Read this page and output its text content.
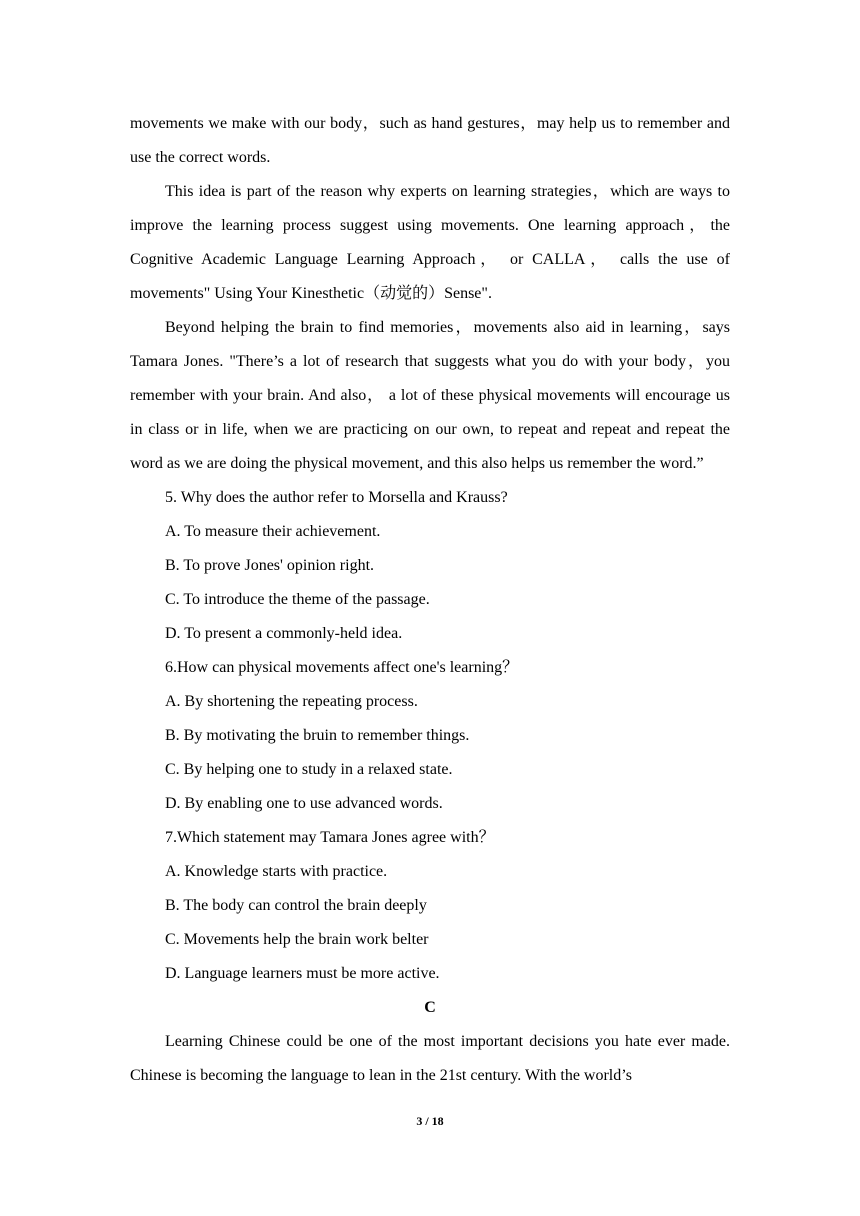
movements we make with our body，such as hand gestures，may help us to remember and use the correct words.

This idea is part of the reason why experts on learning strategies，which are ways to improve the learning process suggest using movements. One learning approach，the Cognitive Academic Language Learning Approach， or CALLA， calls the use of movements" Using Your Kinesthetic（动觉的）Sense".

Beyond helping the brain to find memories，movements also aid in learning，says Tamara Jones. "There’s a lot of research that suggests what you do with your body，you remember with your brain. And also， a lot of these physical movements will encourage us in class or in life, when we are practicing on our own, to repeat and repeat and repeat the word as we are doing the physical movement, and this also helps us remember the word.”

5. Why does the author refer to Morsella and Krauss?

A. To measure their achievement.

B. To prove Jones' opinion right.

C. To introduce the theme of the passage.

D. To present a commonly-held idea.

6.How can physical movements affect one's learning？

A. By shortening the repeating process.

B. By motivating the bruin to remember things.

C. By helping one to study in a relaxed state.

D. By enabling one to use advanced words.

7.Which statement may Tamara Jones agree with？

A. Knowledge starts with practice.

B. The body can control the brain deeply

C. Movements help the brain work belter

D. Language learners must be more active.

C

Learning Chinese could be one of the most important decisions you hate ever made. Chinese is becoming the language to lean in the 21st century. With the world’s

3 / 18
